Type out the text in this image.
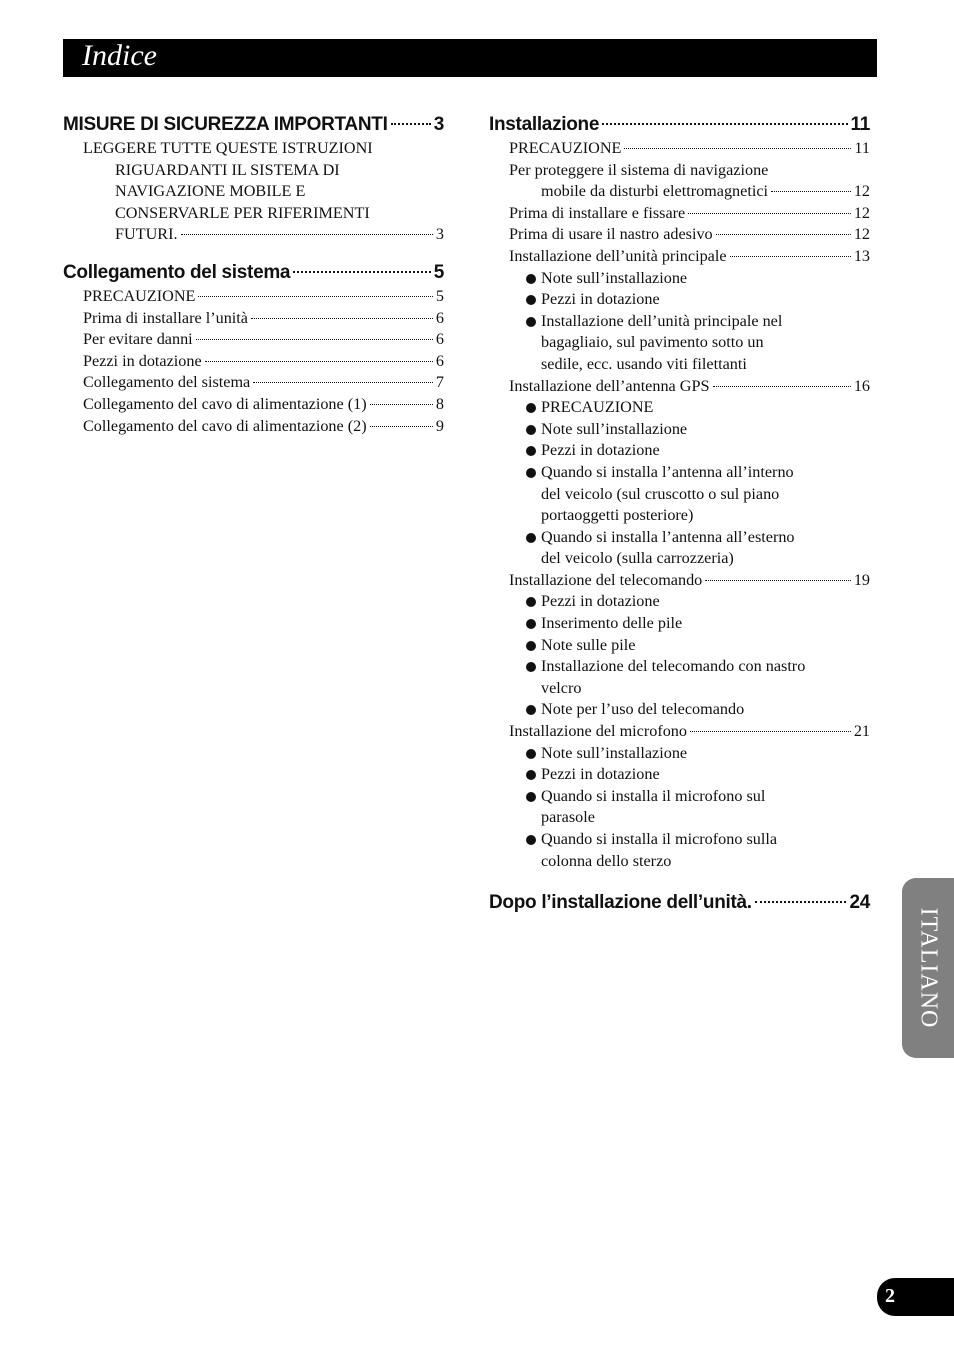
Indice
MISURE DI SICUREZZA IMPORTANTI 3
LEGGERE TUTTE QUESTE ISTRUZIONI
RIGUARDANTI IL SISTEMA DI
NAVIGAZIONE MOBILE E
CONSERVARLE PER RIFERIMENTI
FUTURI.	3
Collegamento del sistema	5
PRECAUZIONE	5
Prima di installare l’unità	6
Per evitare danni	6
Pezzi in dotazione	6
Collegamento del sistema	7
Collegamento del cavo di alimentazione (1)	8
Collegamento del cavo di alimentazione (2)	9
Installazione	11
PRECAUZIONE	11
Per proteggere il sistema di navigazione
mobile da disturbi elettromagnetici	12
Prima di installare e fissare	12
Prima di usare il nastro adesivo	12
Installazione dell’unità principale	13
Note sull’installazione
Pezzi in dotazione
Installazione dell’unità principale nel
bagagliaio, sul pavimento sotto un
sedile, ecc. usando viti filettanti
Installazione dell’antenna GPS	16
PRECAUZIONE
Note sull’installazione
Pezzi in dotazione
Quando si installa l’antenna all’interno
del veicolo (sul cruscotto o sul piano
portaoggetti posteriore)
Quando si installa l’antenna all’esterno
del veicolo (sulla carrozzeria)
Installazione del telecomando	19
Pezzi in dotazione
Inserimento delle pile
Note sulle pile
Installazione del telecomando con nastro
velcro
Note per l’uso del telecomando
Installazione del microfono	21
Note sull’installazione
Pezzi in dotazione
Quando si installa il microfono sul
parasole
Quando si installa il microfono sulla
colonna dello sterzo
Dopo l’installazione dell’unità.	24
ITALIANO
2
